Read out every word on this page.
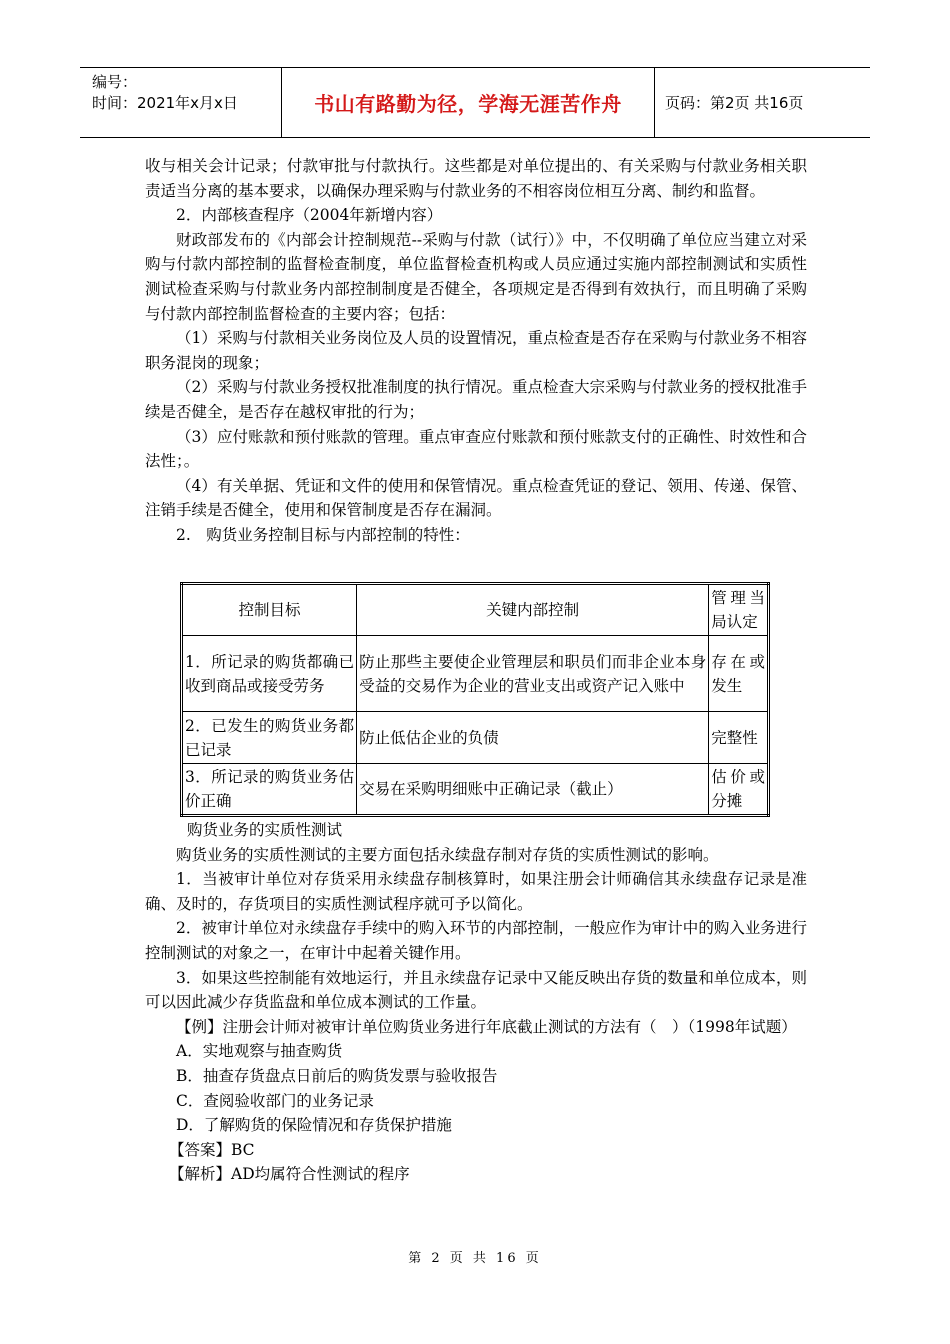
编号：
时间：2021年x月x日	书山有路勤为径，学海无涯苦作舟	页码：第2页 共16页

收与相关会计记录；付款审批与付款执行。这些都是对单位提出的、有关采购与付款业务相关职责适当分离的基本要求，以确保办理采购与付款业务的不相容岗位相互分离、制约和监督。

2．内部核查程序（2004年新增内容）

财政部发布的《内部会计控制规范--采购与付款（试行）》中，不仅明确了单位应当建立对采购与付款内部控制的监督检查制度，单位监督检查机构或人员应通过实施内部控制测试和实质性测试检查采购与付款业务内部控制制度是否健全，各项规定是否得到有效执行，而且明确了采购与付款内部控制监督检查的主要内容；包括：

（1）采购与付款相关业务岗位及人员的设置情况，重点检查是否存在采购与付款业务不相容职务混岗的现象；

（2）采购与付款业务授权批准制度的执行情况。重点检查大宗采购与付款业务的授权批准手续是否健全，是否存在越权审批的行为；

（3）应付账款和预付账款的管理。重点审查应付账款和预付账款支付的正确性、时效性和合法性；。

（4）有关单据、凭证和文件的使用和保管情况。重点检查凭证的登记、领用、传递、保管、注销手续是否健全，使用和保管制度是否存在漏洞。

2.　购货业务控制目标与内部控制的特性：

控制目标	关键内部控制	管理当局认定
1．所记录的购货都确已收到商品或接受劳务	防止那些主要使企业管理层和职员们而非企业本身受益的交易作为企业的营业支出或资产记入账中	存在或发生
2．已发生的购货业务都已记录	防止低估企业的负债	完整性
3．所记录的购货业务估价正确	交易在采购明细账中正确记录（截止）	估价或分摊

购货业务的实质性测试

购货业务的实质性测试的主要方面包括永续盘存制对存货的实质性测试的影响。

1．当被审计单位对存货采用永续盘存制核算时，如果注册会计师确信其永续盘存记录是准确、及时的，存货项目的实质性测试程序就可予以简化。

2．被审计单位对永续盘存手续中的购入环节的内部控制，一般应作为审计中的购入业务进行控制测试的对象之一，在审计中起着关键作用。

3．如果这些控制能有效地运行，并且永续盘存记录中又能反映出存货的数量和单位成本，则可以因此减少存货监盘和单位成本测试的工作量。

【例】注册会计师对被审计单位购货业务进行年底截止测试的方法有（　）（1998年试题）

A．实地观察与抽查购货

B．抽查存货盘点日前后的购货发票与验收报告

C．查阅验收部门的业务记录

D．了解购货的保险情况和存货保护措施

【答案】BC

【解析】AD均属符合性测试的程序

第 2 页 共 16 页
